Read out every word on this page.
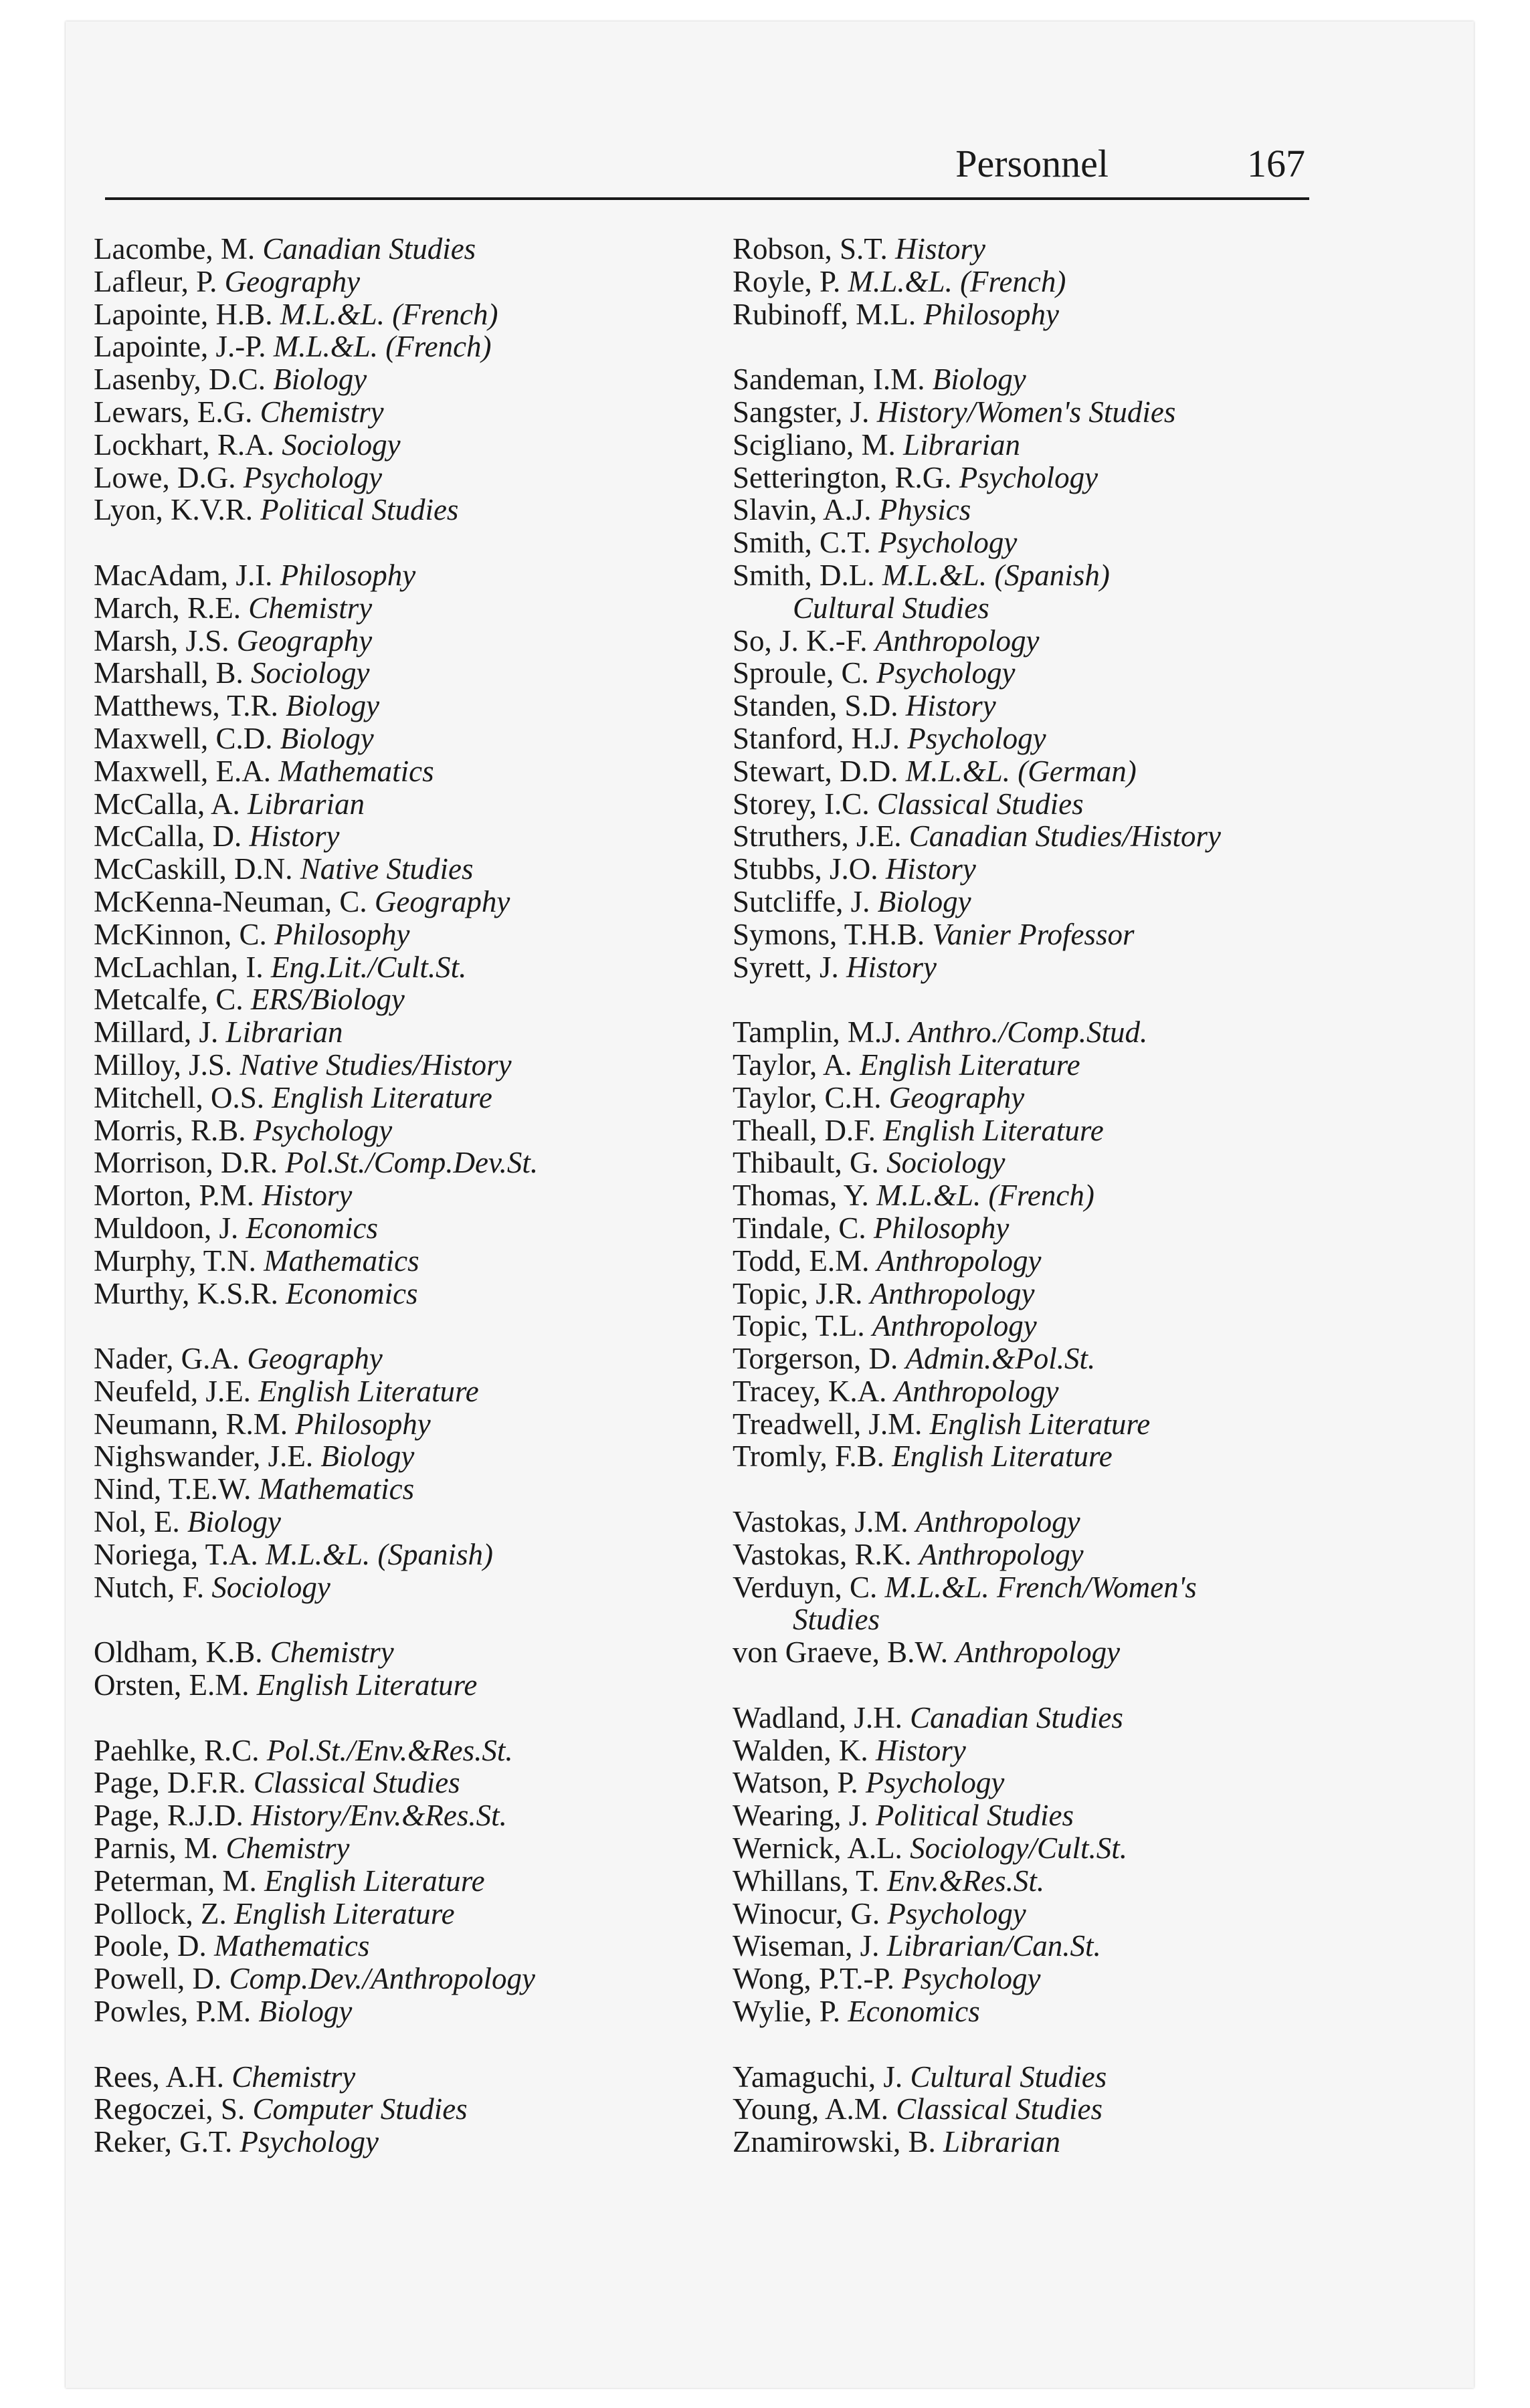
Personnel	167
Lacombe, M. Canadian Studies
Lafleur, P. Geography
Lapointe, H.B. M.L.&L. (French)
Lapointe, J.-P. M.L.&L. (French)
Lasenby, D.C. Biology
Lewars, E.G. Chemistry
Lockhart, R.A. Sociology
Lowe, D.G. Psychology
Lyon, K.V.R. Political Studies
MacAdam, J.I. Philosophy
March, R.E. Chemistry
Marsh, J.S. Geography
Marshall, B. Sociology
Matthews, T.R. Biology
Maxwell, C.D. Biology
Maxwell, E.A. Mathematics
McCalla, A. Librarian
McCalla, D. History
McCaskill, D.N. Native Studies
McKenna-Neuman, C. Geography
McKinnon, C. Philosophy
McLachlan, I. Eng.Lit./Cult.St.
Metcalfe, C. ERS/Biology
Millard, J. Librarian
Milloy, J.S. Native Studies/History
Mitchell, O.S. English Literature
Morris, R.B. Psychology
Morrison, D.R. Pol.St./Comp.Dev.St.
Morton, P.M. History
Muldoon, J. Economics
Murphy, T.N. Mathematics
Murthy, K.S.R. Economics
Nader, G.A. Geography
Neufeld, J.E. English Literature
Neumann, R.M. Philosophy
Nighswander, J.E. Biology
Nind, T.E.W. Mathematics
Nol, E. Biology
Noriega, T.A. M.L.&L. (Spanish)
Nutch, F. Sociology
Oldham, K.B. Chemistry
Orsten, E.M. English Literature
Paehlke, R.C. Pol.St./Env.&Res.St.
Page, D.F.R. Classical Studies
Page, R.J.D. History/Env.&Res.St.
Parnis, M. Chemistry
Peterman, M. English Literature
Pollock, Z. English Literature
Poole, D. Mathematics
Powell, D. Comp.Dev./Anthropology
Powles, P.M. Biology
Rees, A.H. Chemistry
Regoczei, S. Computer Studies
Reker, G.T. Psychology
Robson, S.T. History
Royle, P. M.L.&L. (French)
Rubinoff, M.L. Philosophy
Sandeman, I.M. Biology
Sangster, J. History/Women's Studies
Scigliano, M. Librarian
Setterington, R.G. Psychology
Slavin, A.J. Physics
Smith, C.T. Psychology
Smith, D.L. M.L.&L. (Spanish)
Cultural Studies
So, J. K.-F. Anthropology
Sproule, C. Psychology
Standen, S.D. History
Stanford, H.J. Psychology
Stewart, D.D. M.L.&L. (German)
Storey, I.C. Classical Studies
Struthers, J.E. Canadian Studies/History
Stubbs, J.O. History
Sutcliffe, J. Biology
Symons, T.H.B. Vanier Professor
Syrett, J. History
Tamplin, M.J. Anthro./Comp.Stud.
Taylor, A. English Literature
Taylor, C.H. Geography
Theall, D.F. English Literature
Thibault, G. Sociology
Thomas, Y. M.L.&L. (French)
Tindale, C. Philosophy
Todd, E.M. Anthropology
Topic, J.R. Anthropology
Topic, T.L. Anthropology
Torgerson, D. Admin.&Pol.St.
Tracey, K.A. Anthropology
Treadwell, J.M. English Literature
Tromly, F.B. English Literature
Vastokas, J.M. Anthropology
Vastokas, R.K. Anthropology
Verduyn, C. M.L.&L. French/Women's
Studies
von Graeve, B.W. Anthropology
Wadland, J.H. Canadian Studies
Walden, K. History
Watson, P. Psychology
Wearing, J. Political Studies
Wernick, A.L. Sociology/Cult.St.
Whillans, T. Env.&Res.St.
Winocur, G. Psychology
Wiseman, J. Librarian/Can.St.
Wong, P.T.-P. Psychology
Wylie, P. Economics
Yamaguchi, J. Cultural Studies
Young, A.M. Classical Studies
Znamirowski, B. Librarian
